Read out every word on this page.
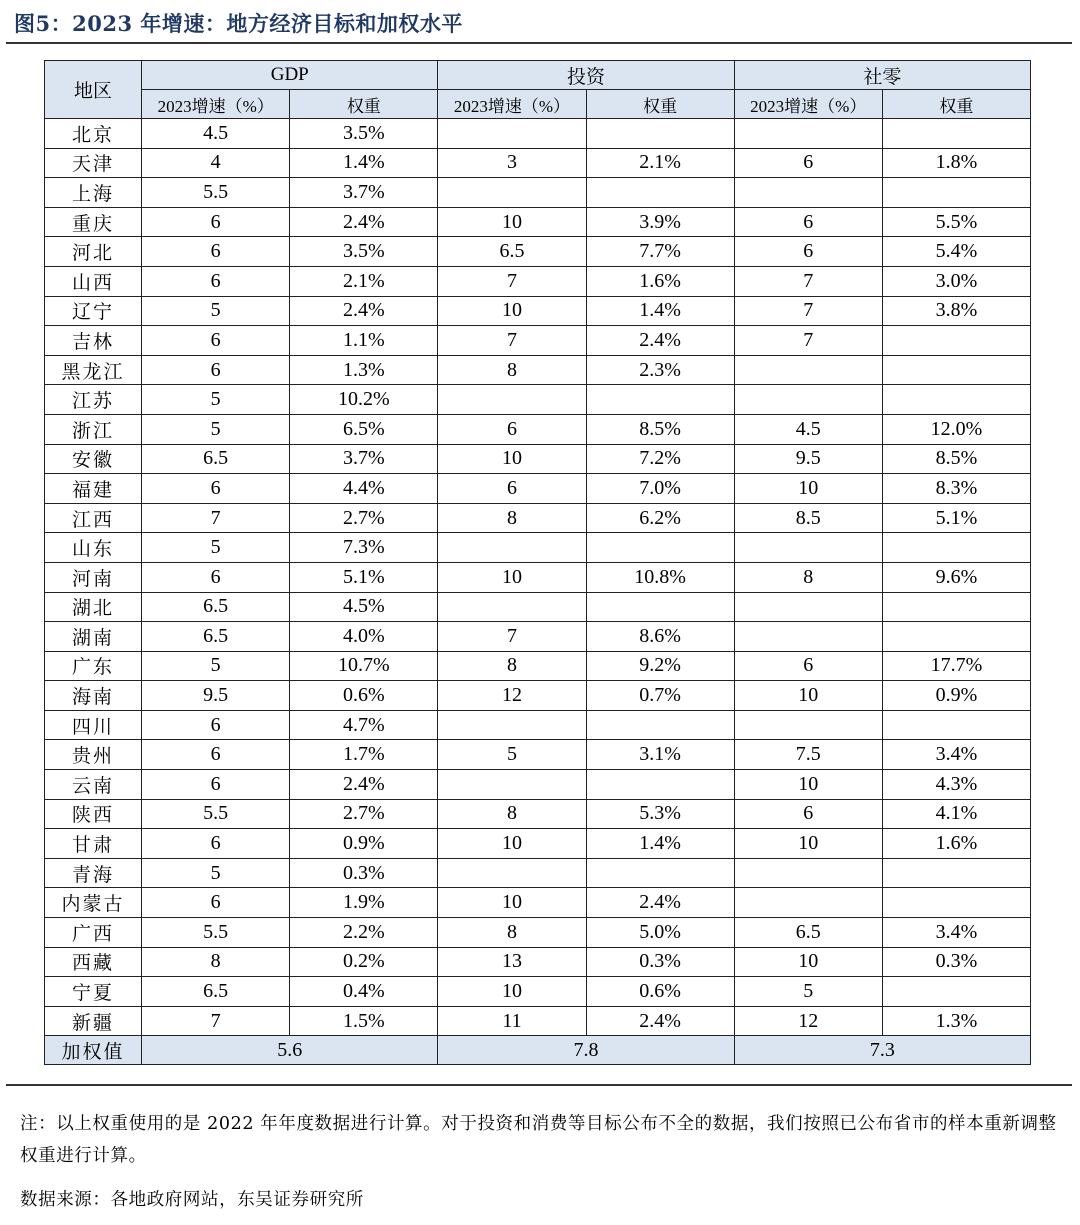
图5：2023 年增速：地方经济目标和加权水平
地区	GDP		投资		社零	
	2023增速（%）	权重	2023增速（%）	权重	2023增速（%）	权重
北京	4.5	3.5%				
天津	4	1.4%	3	2.1%	6	1.8%
上海	5.5	3.7%				
重庆	6	2.4%	10	3.9%	6	5.5%
河北	6	3.5%	6.5	7.7%	6	5.4%
山西	6	2.1%	7	1.6%	7	3.0%
辽宁	5	2.4%	10	1.4%	7	3.8%
吉林	6	1.1%	7	2.4%	7	
黑龙江	6	1.3%	8	2.3%		
江苏	5	10.2%				
浙江	5	6.5%	6	8.5%	4.5	12.0%
安徽	6.5	3.7%	10	7.2%	9.5	8.5%
福建	6	4.4%	6	7.0%	10	8.3%
江西	7	2.7%	8	6.2%	8.5	5.1%
山东	5	7.3%				
河南	6	5.1%	10	10.8%	8	9.6%
湖北	6.5	4.5%				
湖南	6.5	4.0%	7	8.6%		
广东	5	10.7%	8	9.2%	6	17.7%
海南	9.5	0.6%	12	0.7%	10	0.9%
四川	6	4.7%				
贵州	6	1.7%	5	3.1%	7.5	3.4%
云南	6	2.4%			10	4.3%
陕西	5.5	2.7%	8	5.3%	6	4.1%
甘肃	6	0.9%	10	1.4%	10	1.6%
青海	5	0.3%				
内蒙古	6	1.9%	10	2.4%		
广西	5.5	2.2%	8	5.0%	6.5	3.4%
西藏	8	0.2%	13	0.3%	10	0.3%
宁夏	6.5	0.4%	10	0.6%	5	
新疆	7	1.5%	11	2.4%	12	1.3%
加权值	5.6		7.8		7.3	
注：以上权重使用的是 2022 年年度数据进行计算。对于投资和消费等目标公布不全的数据，我们按照已公布省市的样本重新调整权重进行计算。
数据来源：各地政府网站，东吴证券研究所
